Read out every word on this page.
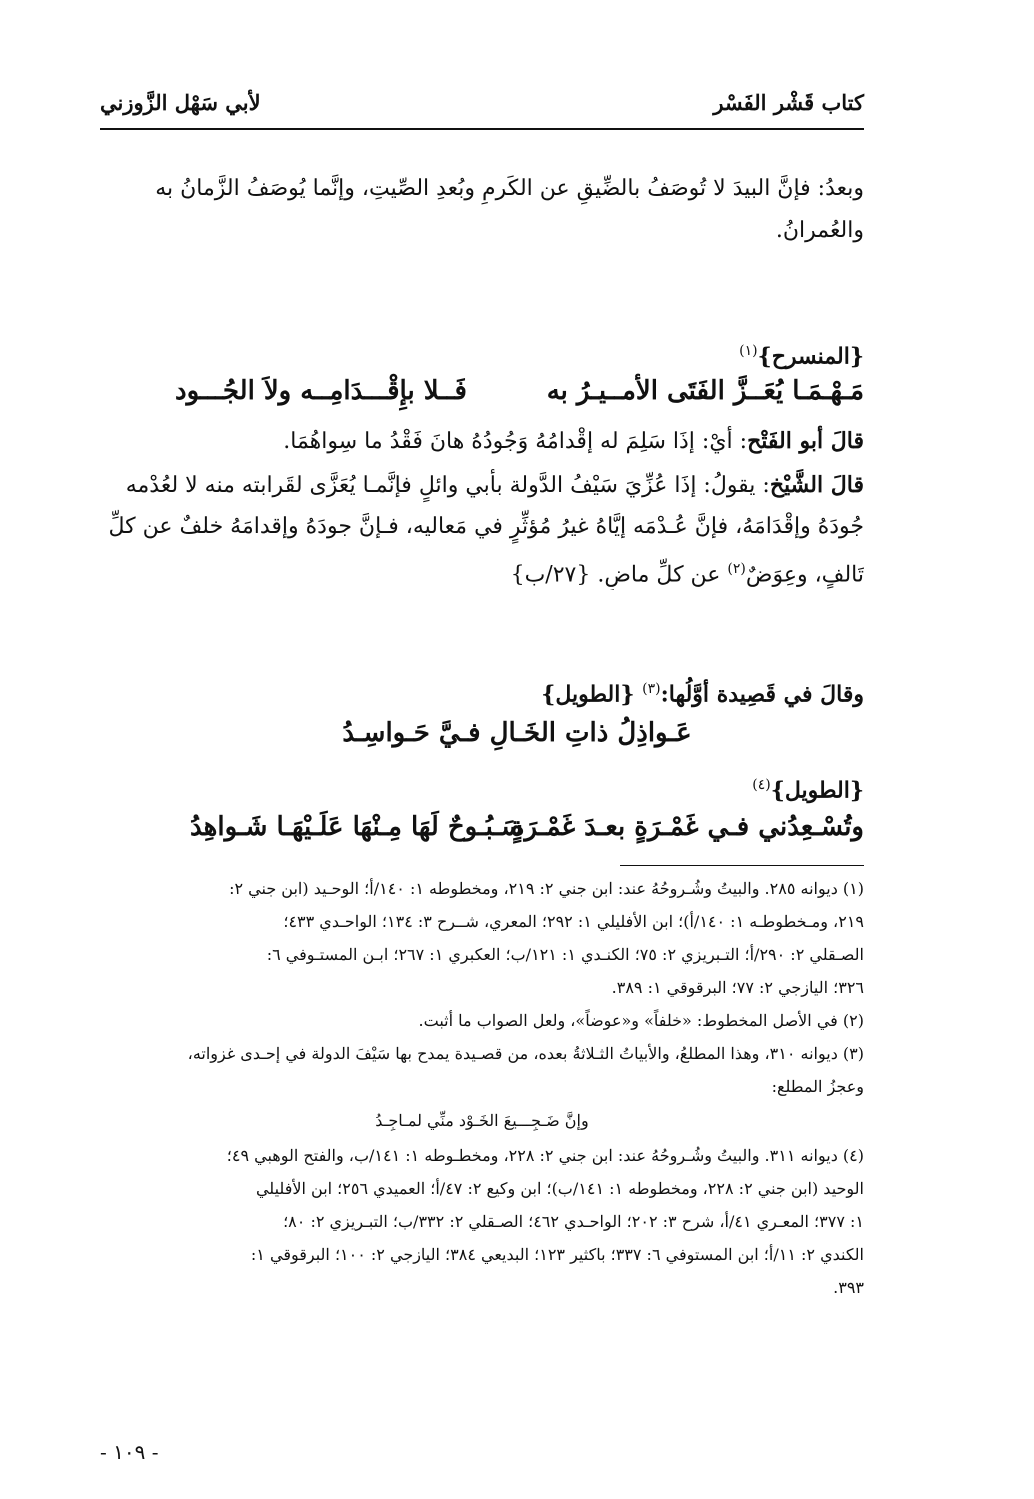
كتاب قَشْر الفَسْر
لأبي سَهْل الزَّوزني
وبعدُ: فإنَّ البيدَ لا تُوصَفُ بالضِّيقِ عن الكَرمِ وبُعدِ الصِّيتِ، وإنَّما يُوصَفُ الزَّمانُ به
والعُمرانُ.
{المنسرح}$^{(١)}$
مَـهْـمَـا يُعَــزَّ الفَتَى الأمــيـرُ به
فَــلا بإِقْـــدَامِــه ولاَ الجُـــود
قالَ أبو الفَتْح: أيْ: إذَا سَلِمَ له إقْدامُهُ وَجُودُهُ هانَ فَقْدُ ما سِواهُمَا.
قالَ الشَّيْخ: يقولُ: إذَا عُزِّيَ سَيْفُ الدَّولة بأبي وائلٍ فإنَّمـا يُعَزَّى لقَرابته منه لا لعُدْمه
جُودَهُ وإقْدَامَهُ، فإنَّ عُـدْمَه إيَّاهُ غيرُ مُؤثِّرٍ في مَعاليه، فـإنَّ جودَهُ وإقدامَهُ خلفٌ عن كلِّ
تَالفٍ، وعِوَضٌ$^{(٢)}$ عن كلِّ ماضٍ. {٢٧/ب}
وقالَ في قَصِيدة أوَّلُها:$^{(٣)}$ {الطويل}
عَـواذِلُ ذاتِ الخَـالِ فـيَّ حَـواسِـدُ
{الطويل}$^{(٤)}$
وتُسْـعِدُني فـي غَمْـرَةٍ بعـدَ غَمْـرَةٍ
سَـبُـوحٌ لَهَا مِـنْهَا عَلَـيْهَـا شَـواهِدُ
(١) ديوانه ٢٨٥. والبيتُ وشُـروحُهُ عند: ابن جني ٢: ٢١٩، ومخطوطه ١: ١٤٠/أ؛ الوحـيد (ابن جني ٢:
٢١٩، ومـخطوطـه ١: ١٤٠/أ)؛ ابن الأفليلي ١: ٢٩٢؛ المعري، شــرح ٣: ١٣٤؛ الواحـدي ٤٣٣؛
الصـقلي ٢: ٢٩٠/أ؛ التـبريزي ٢: ٧٥؛ الكنـدي ١: ١٢١/ب؛ العكبري ١: ٢٦٧؛ ابـن المستـوفي ٦:
٣٢٦؛ اليازجي ٢: ٧٧؛ البرقوقي ١: ٣٨٩.
(٢) في الأصل المخطوط: «خلفاً» و«عوضاً»، ولعل الصواب ما أثبت.
(٣) ديوانه ٣١٠، وهذا المطلعُ، والأبياتُ الثـلاثةُ بعده، من قصـيدة يمدح بها سَيْفَ الدولة في إحـدى غزواته،
وعجزُ المطلع:
وإنَّ ضَـجِـــيعَ الخَـوْد منِّي لمـاجِـدُ
(٤) ديوانه ٣١١. والبيتُ وشُـروحُهُ عند: ابن جني ٢: ٢٢٨، ومخطـوطه ١: ١٤١/ب، والفتح الوهبي ٤٩؛
الوحيد (ابن جني ٢: ٢٢٨، ومخطوطه ١: ١٤١/ب)؛ ابن وكيع ٢: ٤٧/أ؛ العميدي ٢٥٦؛ ابن الأفليلي
١: ٣٧٧؛ المعـري ٤١/أ، شرح ٣: ٢٠٢؛ الواحـدي ٤٦٢؛ الصـقلي ٢: ٣٣٢/ب؛ التبـريزي ٢: ٨٠؛
الكندي ٢: ١١/أ؛ ابن المستوفي ٦: ٣٣٧؛ باكثير ١٢٣؛ البديعي ٣٨٤؛ اليازجي ٢: ١٠٠؛ البرقوقي ١:
٣٩٣.
- ١٠٩ -
